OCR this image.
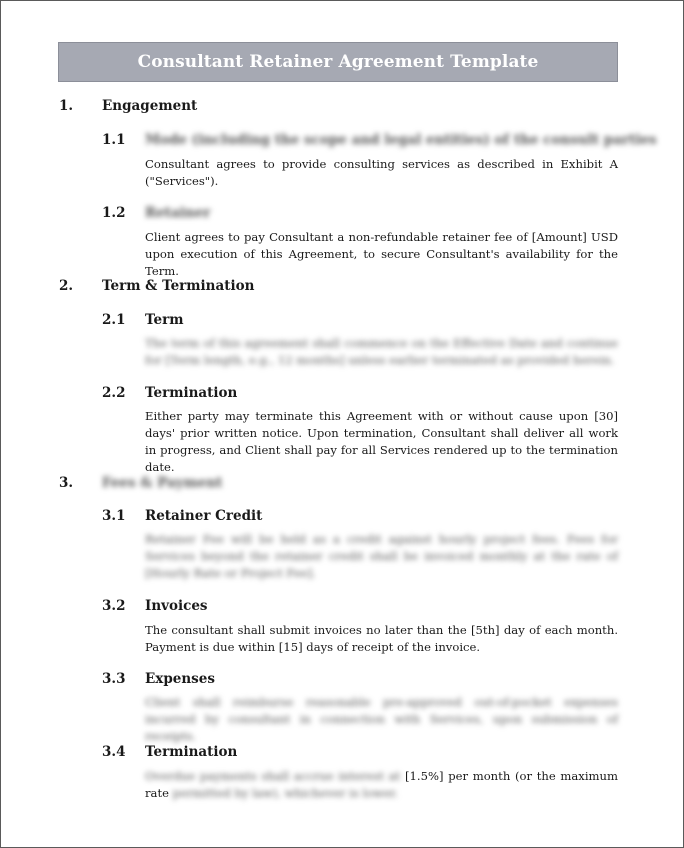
Consultant Retainer Agreement Template
1. Engagement
1.1 Mode (including the scope and legal entities) of the consult parties
Consultant agrees to provide consulting services as described in Exhibit A ("Services").
1.2 Retainer
Client agrees to pay Consultant a non-refundable retainer fee of [Amount] USD upon execution of this Agreement, to secure Consultant's availability for the Term.
2. Term & Termination
2.1 Term
The term of this agreement shall commence on the Effective Date and continue for [Term length, e.g., 12 months] unless earlier terminated as provided herein.
2.2 Termination
Either party may terminate this Agreement with or without cause upon [30] days' prior written notice. Upon termination, Consultant shall deliver all work in progress, and Client shall pay for all Services rendered up to the termination date.
3. Fees & Payment
3.1 Retainer Credit
Retainer Fee will be held as a credit against hourly project fees. Fees for Services beyond the retainer credit shall be invoiced monthly at the rate of [Hourly Rate or Project Fee].
3.2 Invoices
The consultant shall submit invoices no later than the [5th] day of each month. Payment is due within [15] days of receipt of the invoice.
3.3 Expenses
Client shall reimburse reasonable pre-approved out-of-pocket expenses incurred by consultant in connection with Services, upon submission of receipts.
3.4 Termination
Overdue payments shall accrue interest at [1.5%] per month (or the maximum rate permitted by law), whichever is lower.
